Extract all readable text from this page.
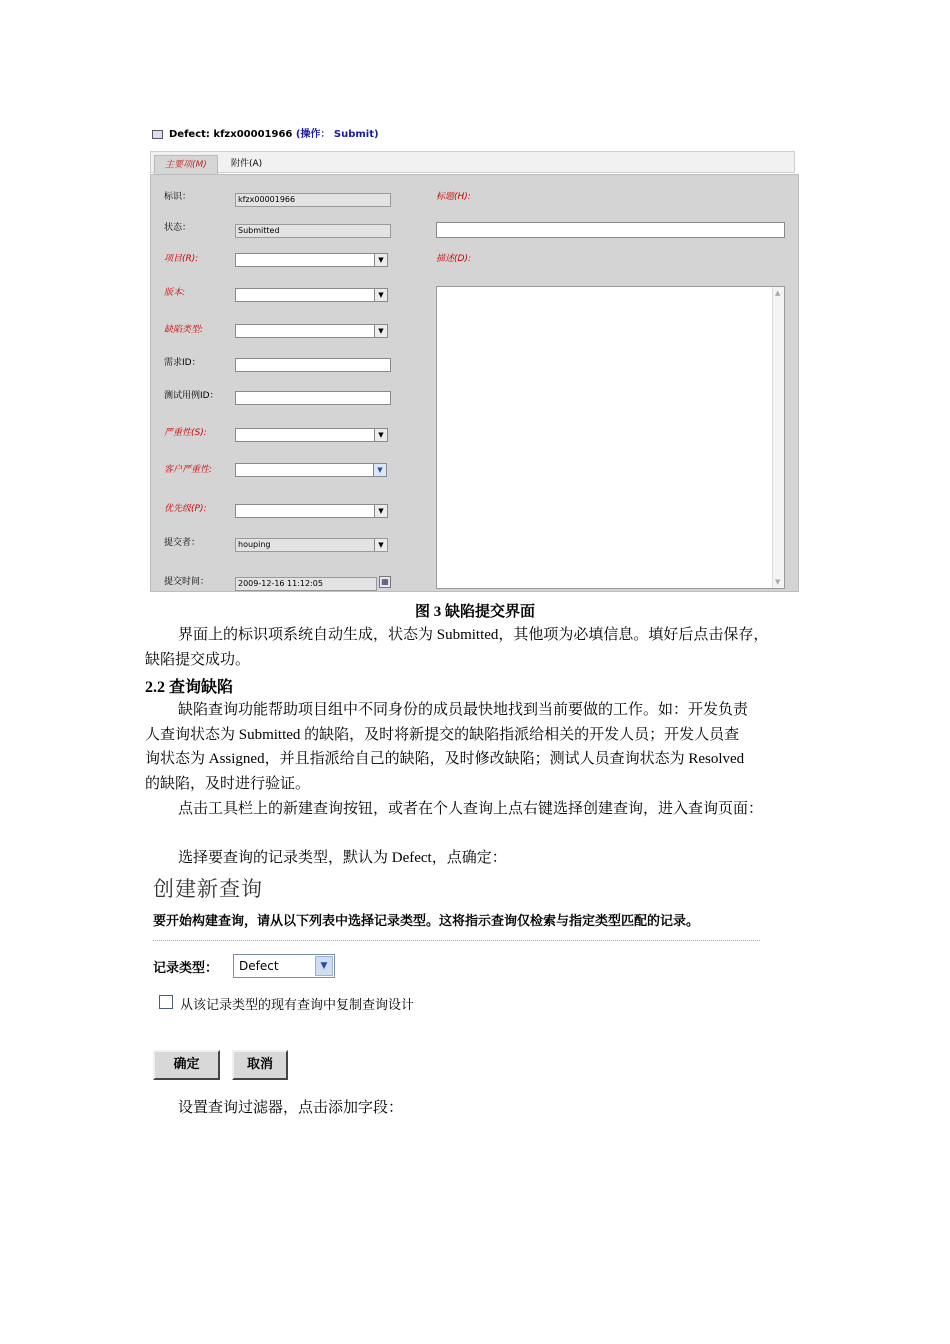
Defect: kfzx00001966 (操作： Submit)
主要项(M)	附件(A)
标识：	kfzx00001966
状态：	Submitted
项目(R):	▼
版本:	▼
缺陷类型:	▼
需求ID：
测试用例ID：
严重性(S):	▼
客户严重性:	▼
优先级(P):	▼
提交者：	houping	▼
提交时间：	2009-12-16 11:12:05	▦
标题(H):
描述(D):
▲
▼
图 3 缺陷提交界面
界面上的标识项系统自动生成，状态为 Submitted，其他项为必填信息。填好后点击保存，
缺陷提交成功。
2.2 查询缺陷
缺陷查询功能帮助项目组中不同身份的成员最快地找到当前要做的工作。如：开发负责
人查询状态为 Submitted 的缺陷，及时将新提交的缺陷指派给相关的开发人员；开发人员查
询状态为 Assigned，并且指派给自己的缺陷，及时修改缺陷；测试人员查询状态为 Resolved
的缺陷，及时进行验证。
点击工具栏上的新建查询按钮，或者在个人查询上点右键选择创建查询，进入查询页面：
选择要查询的记录类型，默认为 Defect，点确定：
创建新查询
要开始构建查询，请从以下列表中选择记录类型。这将指示查询仅检索与指定类型匹配的记录。
记录类型：	Defect	▼
从该记录类型的现有查询中复制查询设计
确定	取消
设置查询过滤器，点击添加字段：
